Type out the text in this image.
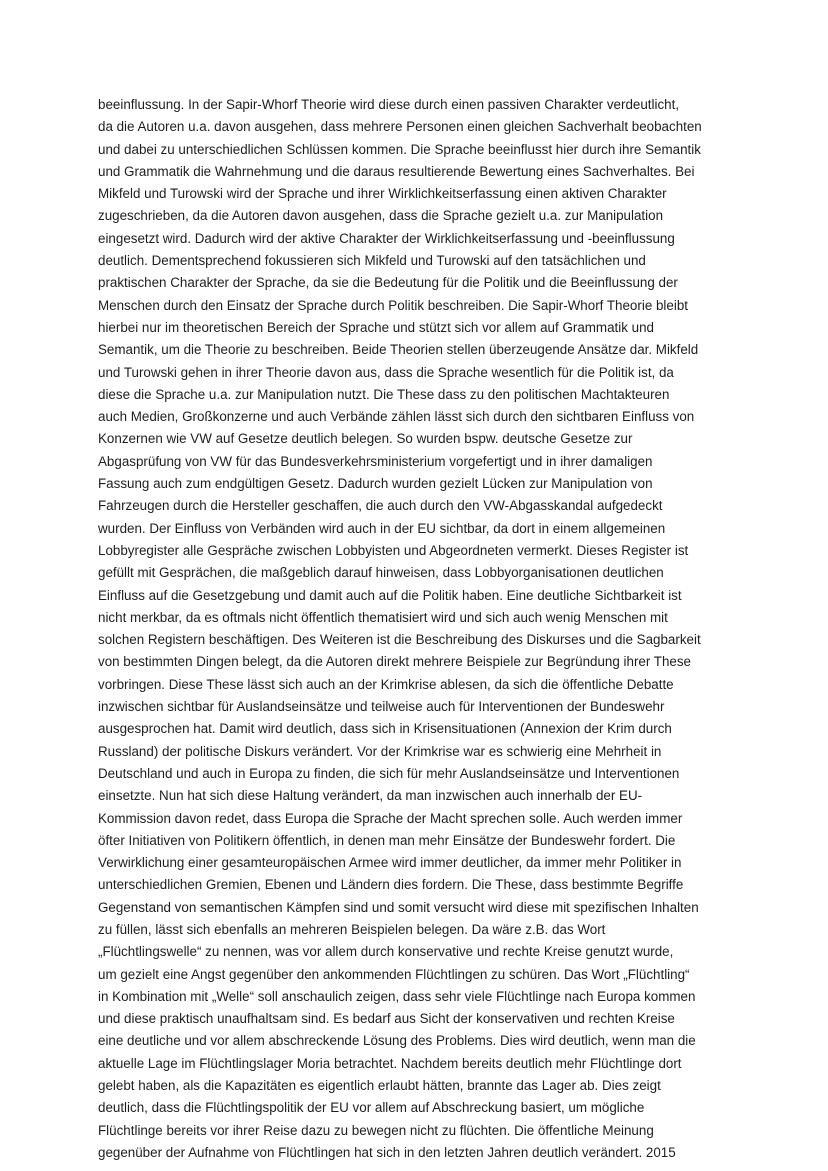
beeinflussung. In der Sapir-Whorf Theorie wird diese durch einen passiven Charakter verdeutlicht,
da die Autoren u.a. davon ausgehen, dass mehrere Personen einen gleichen Sachverhalt beobachten
und dabei zu unterschiedlichen Schlüssen kommen. Die Sprache beeinflusst hier durch ihre Semantik
und Grammatik die Wahrnehmung und die daraus resultierende Bewertung eines Sachverhaltes. Bei
Mikfeld und Turowski wird der Sprache und ihrer Wirklichkeitserfassung einen aktiven Charakter
zugeschrieben, da die Autoren davon ausgehen, dass die Sprache gezielt u.a. zur Manipulation
eingesetzt wird. Dadurch wird der aktive Charakter der Wirklichkeitserfassung und -beeinflussung
deutlich. Dementsprechend fokussieren sich Mikfeld und Turowski auf den tatsächlichen und
praktischen Charakter der Sprache, da sie die Bedeutung für die Politik und die Beeinflussung der
Menschen durch den Einsatz der Sprache durch Politik beschreiben. Die Sapir-Whorf Theorie bleibt
hierbei nur im theoretischen Bereich der Sprache und stützt sich vor allem auf Grammatik und
Semantik, um die Theorie zu beschreiben. Beide Theorien stellen überzeugende Ansätze dar. Mikfeld
und Turowski gehen in ihrer Theorie davon aus, dass die Sprache wesentlich für die Politik ist, da
diese die Sprache u.a. zur Manipulation nutzt. Die These dass zu den politischen Machtakteuren
auch Medien, Großkonzerne und auch Verbände zählen lässt sich durch den sichtbaren Einfluss von
Konzernen wie VW auf Gesetze deutlich belegen. So wurden bspw. deutsche Gesetze zur
Abgasprüfung von VW für das Bundesverkehrsministerium vorgefertigt und in ihrer damaligen
Fassung auch zum endgültigen Gesetz. Dadurch wurden gezielt Lücken zur Manipulation von
Fahrzeugen durch die Hersteller geschaffen, die auch durch den VW-Abgasskandal aufgedeckt
wurden. Der Einfluss von Verbänden wird auch in der EU sichtbar, da dort in einem allgemeinen
Lobbyregister alle Gespräche zwischen Lobbyisten und Abgeordneten vermerkt. Dieses Register ist
gefüllt mit Gesprächen, die maßgeblich darauf hinweisen, dass Lobbyorganisationen deutlichen
Einfluss auf die Gesetzgebung und damit auch auf die Politik haben. Eine deutliche Sichtbarkeit ist
nicht merkbar, da es oftmals nicht öffentlich thematisiert wird und sich auch wenig Menschen mit
solchen Registern beschäftigen. Des Weiteren ist die Beschreibung des Diskurses und die Sagbarkeit
von bestimmten Dingen belegt, da die Autoren direkt mehrere Beispiele zur Begründung ihrer These
vorbringen. Diese These lässt sich auch an der Krimkrise ablesen, da sich die öffentliche Debatte
inzwischen sichtbar für Auslandseinsätze und teilweise auch für Interventionen der Bundeswehr
ausgesprochen hat. Damit wird deutlich, dass sich in Krisensituationen (Annexion der Krim durch
Russland) der politische Diskurs verändert. Vor der Krimkrise war es schwierig eine Mehrheit in
Deutschland und auch in Europa zu finden, die sich für mehr Auslandseinsätze und Interventionen
einsetzte. Nun hat sich diese Haltung verändert, da man inzwischen auch innerhalb der EU-
Kommission davon redet, dass Europa die Sprache der Macht sprechen solle. Auch werden immer
öfter Initiativen von Politikern öffentlich, in denen man mehr Einsätze der Bundeswehr fordert. Die
Verwirklichung einer gesamteuropäischen Armee wird immer deutlicher, da immer mehr Politiker in
unterschiedlichen Gremien, Ebenen und Ländern dies fordern. Die These, dass bestimmte Begriffe
Gegenstand von semantischen Kämpfen sind und somit versucht wird diese mit spezifischen Inhalten
zu füllen, lässt sich ebenfalls an mehreren Beispielen belegen. Da wäre z.B. das Wort
„Flüchtlingswelle“ zu nennen, was vor allem durch konservative und rechte Kreise genutzt wurde,
um gezielt eine Angst gegenüber den ankommenden Flüchtlingen zu schüren. Das Wort „Flüchtling“
in Kombination mit „Welle“ soll anschaulich zeigen, dass sehr viele Flüchtlinge nach Europa kommen
und diese praktisch unaufhaltsam sind. Es bedarf aus Sicht der konservativen und rechten Kreise
eine deutliche und vor allem abschreckende Lösung des Problems. Dies wird deutlich, wenn man die
aktuelle Lage im Flüchtlingslager Moria betrachtet. Nachdem bereits deutlich mehr Flüchtlinge dort
gelebt haben, als die Kapazitäten es eigentlich erlaubt hätten, brannte das Lager ab. Dies zeigt
deutlich, dass die Flüchtlingspolitik der EU vor allem auf Abschreckung basiert, um mögliche
Flüchtlinge bereits vor ihrer Reise dazu zu bewegen nicht zu flüchten. Die öffentliche Meinung
gegenüber der Aufnahme von Flüchtlingen hat sich in den letzten Jahren deutlich verändert. 2015
